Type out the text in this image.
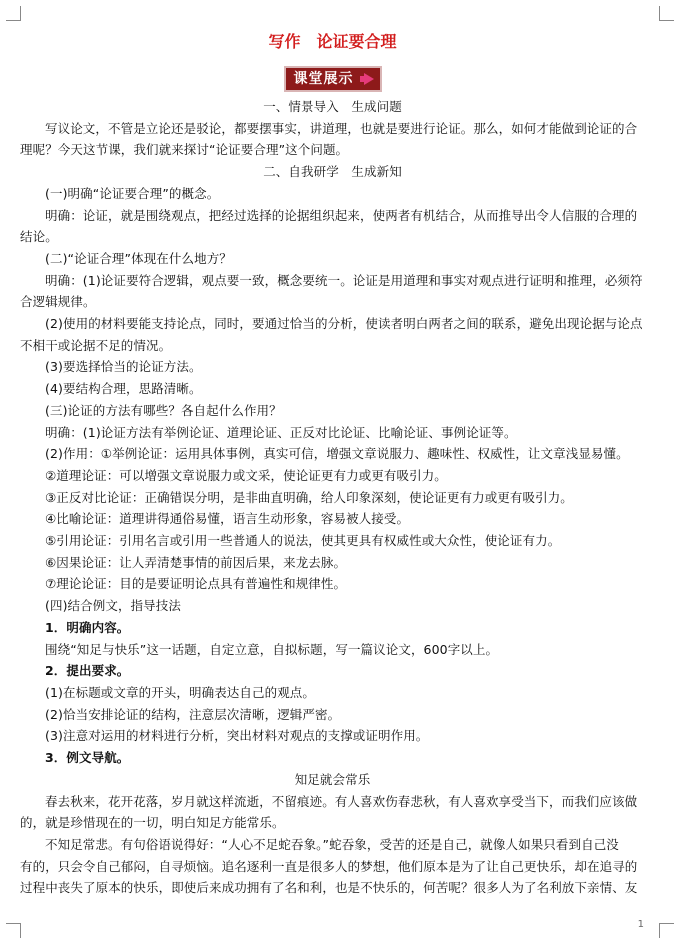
写作　论证要合理
课堂展示

一、情景导入　生成问题

写议论文，不管是立论还是驳论，都要摆事实，讲道理，也就是要进行论证。那么，如何才能做到论证的合

理呢？今天这节课，我们就来探讨“论证要合理”这个问题。

二、自我研学　生成新知

(一)明确“论证要合理”的概念。

明确：论证，就是围绕观点，把经过选择的论据组织起来，使两者有机结合，从而推导出令人信服的合理的

结论。

(二)“论证合理”体现在什么地方？

明确：(1)论证要符合逻辑，观点要一致，概念要统一。论证是用道理和事实对观点进行证明和推理，必须符

合逻辑规律。

(2)使用的材料要能支持论点，同时，要通过恰当的分析，使读者明白两者之间的联系，避免出现论据与论点

不相干或论据不足的情况。

(3)要选择恰当的论证方法。

(4)要结构合理，思路清晰。

(三)论证的方法有哪些？各自起什么作用？

明确：(1)论证方法有举例论证、道理论证、正反对比论证、比喻论证、事例论证等。

(2)作用：①举例论证：运用具体事例，真实可信，增强文章说服力、趣味性、权威性，让文章浅显易懂。

②道理论证：可以增强文章说服力或文采，使论证更有力或更有吸引力。

③正反对比论证：正确错误分明，是非曲直明确，给人印象深刻，使论证更有力或更有吸引力。

④比喻论证：道理讲得通俗易懂，语言生动形象，容易被人接受。

⑤引用论证：引用名言或引用一些普通人的说法，使其更具有权威性或大众性，使论证有力。

⑥因果论证：让人弄清楚事情的前因后果，来龙去脉。

⑦理论论证：目的是要证明论点具有普遍性和规律性。

(四)结合例文，指导技法

1．明确内容。

围绕“知足与快乐”这一话题，自定立意，自拟标题，写一篇议论文，600字以上。

2．提出要求。

(1)在标题或文章的开头，明确表达自己的观点。

(2)恰当安排论证的结构，注意层次清晰，逻辑严密。

(3)注意对运用的材料进行分析，突出材料对观点的支撑或证明作用。

3．例文导航。

知足就会常乐

春去秋来，花开花落，岁月就这样流逝，不留痕迹。有人喜欢伤春悲秋，有人喜欢享受当下，而我们应该做

的，就是珍惜现在的一切，明白知足方能常乐。

不知足常悲。有句俗语说得好：“人心不足蛇吞象。”蛇吞象，受苦的还是自己，就像人如果只看到自己没

有的，只会令自己郁闷，自寻烦恼。追名逐利一直是很多人的梦想，他们原本是为了让自己更快乐，却在追寻的

过程中丧失了原本的快乐，即使后来成功拥有了名和利，也是不快乐的，何苦呢？很多人为了名利放下亲情、友

1
